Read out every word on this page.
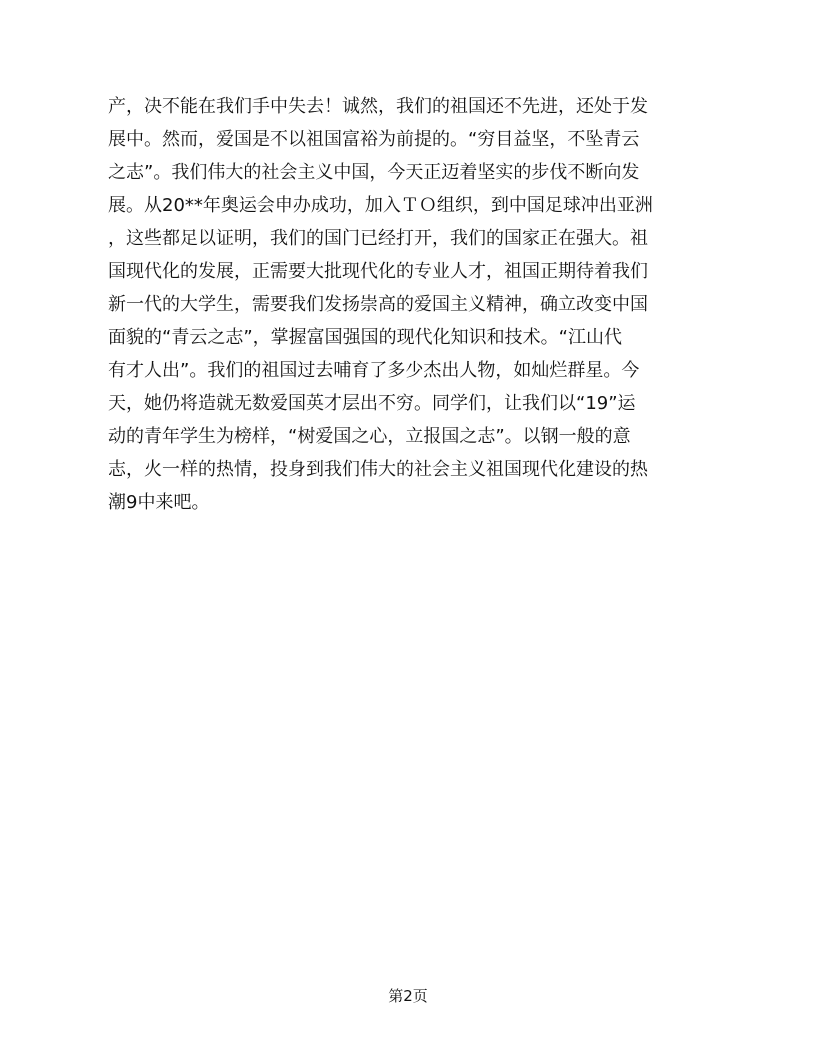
产，决不能在我们手中失去！诚然，我们的祖国还不先进，还处于发
展中。然而，爱国是不以祖国富裕为前提的。“穷目益坚，不坠青云
之志”。我们伟大的社会主义中国，今天正迈着坚实的步伐不断向发
展。从20**年奥运会申办成功，加入ＴＯ组织，到中国足球冲出亚洲
，这些都足以证明，我们的国门已经打开，我们的国家正在强大。祖
国现代化的发展，正需要大批现代化的专业人才，祖国正期待着我们
新一代的大学生，需要我们发扬崇高的爱国主义精神，确立改变中国
面貌的“青云之志”，掌握富国强国的现代化知识和技术。“江山代
有才人出”。我们的祖国过去哺育了多少杰出人物，如灿烂群星。今
天，她仍将造就无数爱国英才层出不穷。同学们，让我们以“19”运
动的青年学生为榜样，“树爱国之心，立报国之志”。以钢一般的意
志，火一样的热情，投身到我们伟大的社会主义祖国现代化建设的热
潮9中来吧。
第2页
